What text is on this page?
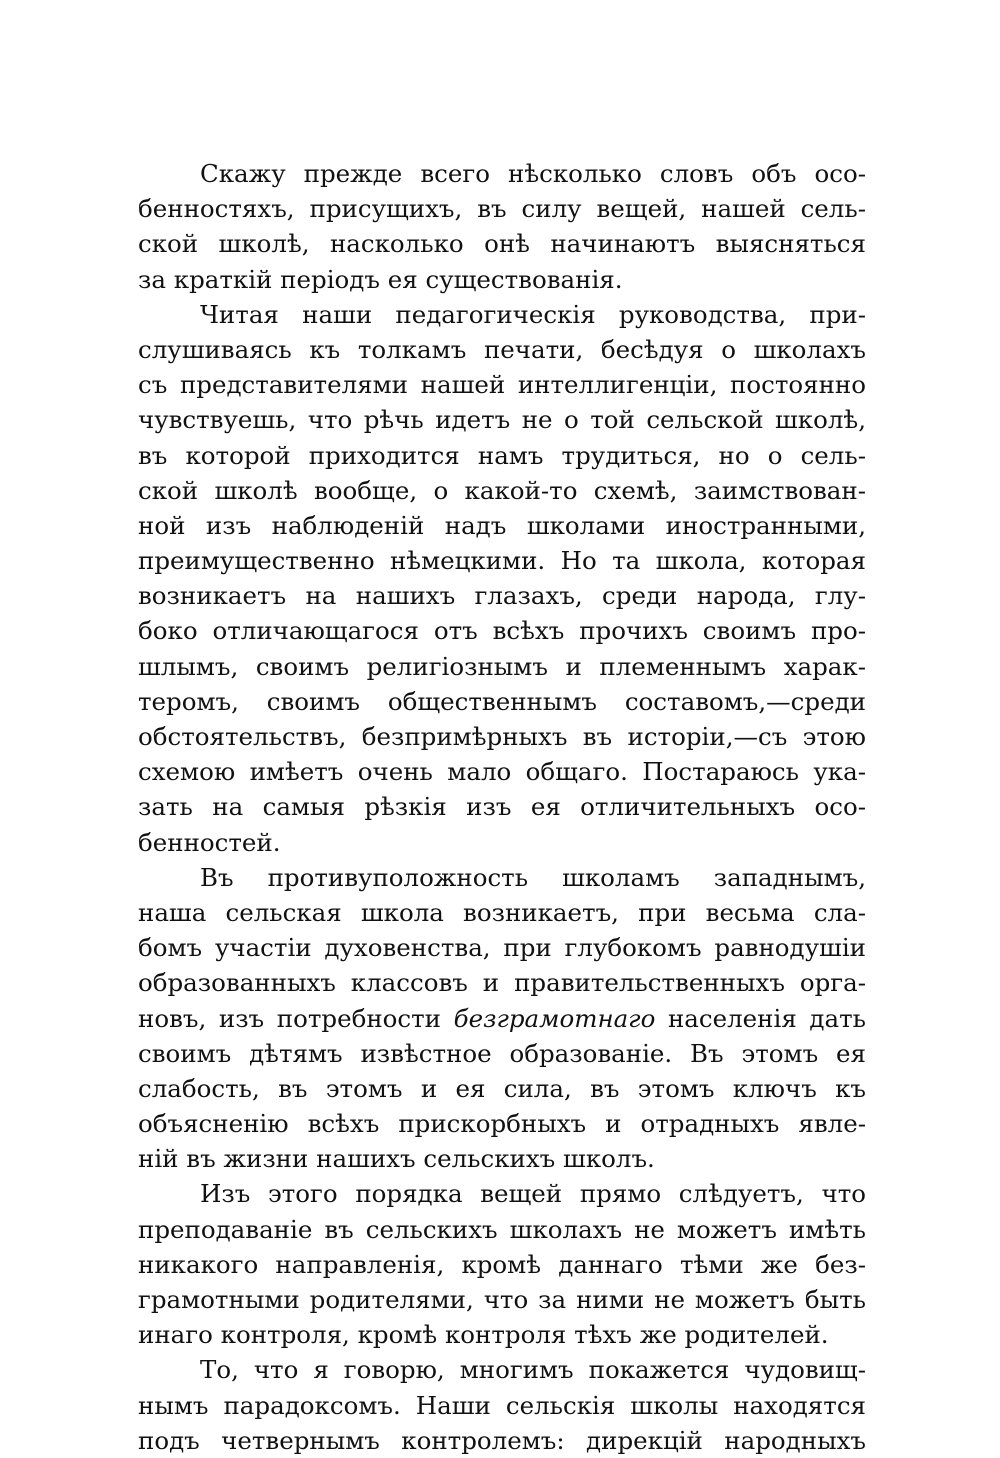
Скажу прежде всего нѣсколько словъ объ осо-
бенностяхъ, присущихъ, въ силу вещей, нашей сель-
ской школѣ, насколько онѣ начинаютъ выясняться
за краткій періодъ ея существованія.
Читая наши педагогическія руководства, при-
слушиваясь къ толкамъ печати, бесѣдуя о школахъ
съ представителями нашей интеллигенціи, постоянно
чувствуешь, что рѣчь идетъ не о той сельской школѣ,
въ которой приходится намъ трудиться, но о сель-
ской школѣ вообще, о какой-то схемѣ, заимствован-
ной изъ наблюденій надъ школами иностранными,
преимущественно нѣмецкими. Но та школа, которая
возникаетъ на нашихъ глазахъ, среди народа, глу-
боко отличающагося отъ всѣхъ прочихъ своимъ про-
шлымъ, своимъ религіознымъ и племеннымъ харак-
теромъ, своимъ общественнымъ составомъ,—среди
обстоятельствъ, безпримѣрныхъ въ исторіи,—съ этою
схемою имѣетъ очень мало общаго. Постараюсь ука-
зать на самыя рѣзкія изъ ея отличительныхъ осо-
бенностей.
Въ противуположность школамъ западнымъ,
наша сельская школа возникаетъ, при весьма сла-
бомъ участіи духовенства, при глубокомъ равнодушіи
образованныхъ классовъ и правительственныхъ орга-
новъ, изъ потребности безграмотнаго населенія дать
своимъ дѣтямъ извѣстное образованіе. Въ этомъ ея
слабость, въ этомъ и ея сила, въ этомъ ключъ къ
объясненію всѣхъ прискорбныхъ и отрадныхъ явле-
ній въ жизни нашихъ сельскихъ школъ.
Изъ этого порядка вещей прямо слѣдуетъ, что
преподаваніе въ сельскихъ школахъ не можетъ имѣть
никакого направленія, кромѣ даннаго тѣми же без-
грамотными родителями, что за ними не можетъ быть
инаго контроля, кромѣ контроля тѣхъ же родителей.
То, что я говорю, многимъ покажется чудовищ-
нымъ парадоксомъ. Наши сельскія школы находятся
подъ четвернымъ контролемъ: дирекцій народныхъ
